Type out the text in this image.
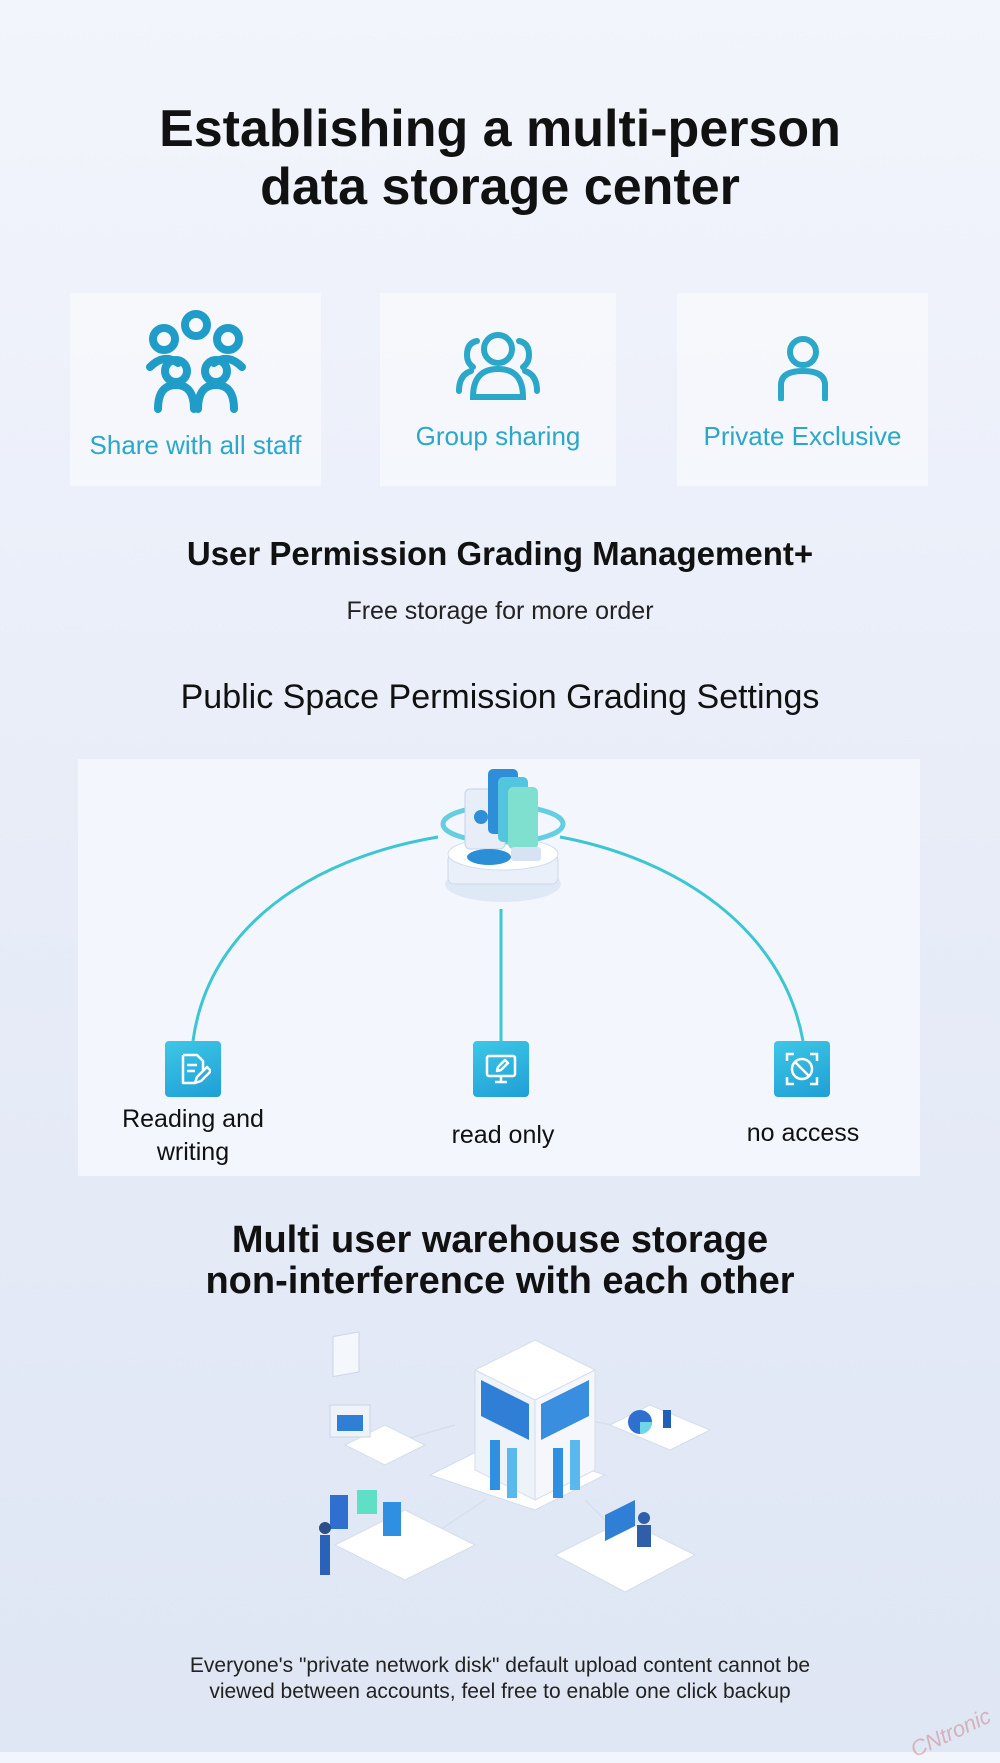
Establishing a multi-person
data storage center
Share with all staff	Group sharing	Private Exclusive
User Permission Grading Management+
Free storage for more order
Public Space Permission Grading Settings
Reading and
writing
read only	no access
Multi user warehouse storage
non-interference with each other
Everyone's "private network disk" default upload content cannot be
viewed between accounts, feel free to enable one click backup
CNtronic
